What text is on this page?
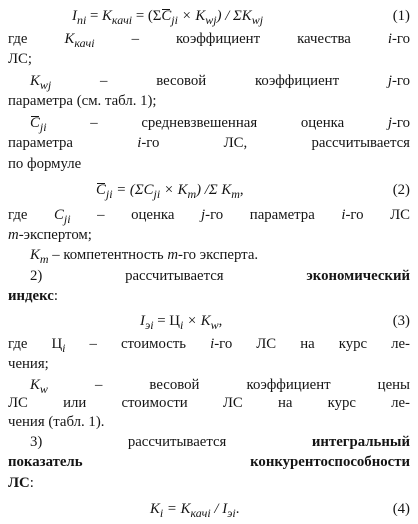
$I_{ni} = K_{качi} = (\Sigma C_{ji} \times K_{wj}) / \Sigma K_{wj}$	(1)
где $K_{качi}$ – коэффициент качества i-го
ЛС;
$K_{wj}$ – весовой коэффициент j-го
параметра (см. табл. 1);
$C_{ji}$ – средневзвешенная оценка j-го
параметра i-го ЛС, рассчитывается
по формуле
$C_{ji} = (\Sigma C_{ji} \times K_m)$ /Σ $K_m$,	(2)
где $C_{ji}$ – оценка j-го параметра i-го ЛС
m-экспертом;
$K_m$ – компетентность m-го эксперта.
2) рассчитывается экономический
индекс:
$I_{эi} = Ц_i \times K_w$,	(3)
где $Ц_i$ – стоимость i-го ЛС на курс ле-
чения;
$K_w$ – весовой коэффициент цены
ЛС или стоимости ЛС на курс ле-
чения (табл. 1).
3) рассчитывается интегральный
показатель конкурентоспособности
ЛС:
$K_i = K_{качi} / I_{эi}$.	(4)
